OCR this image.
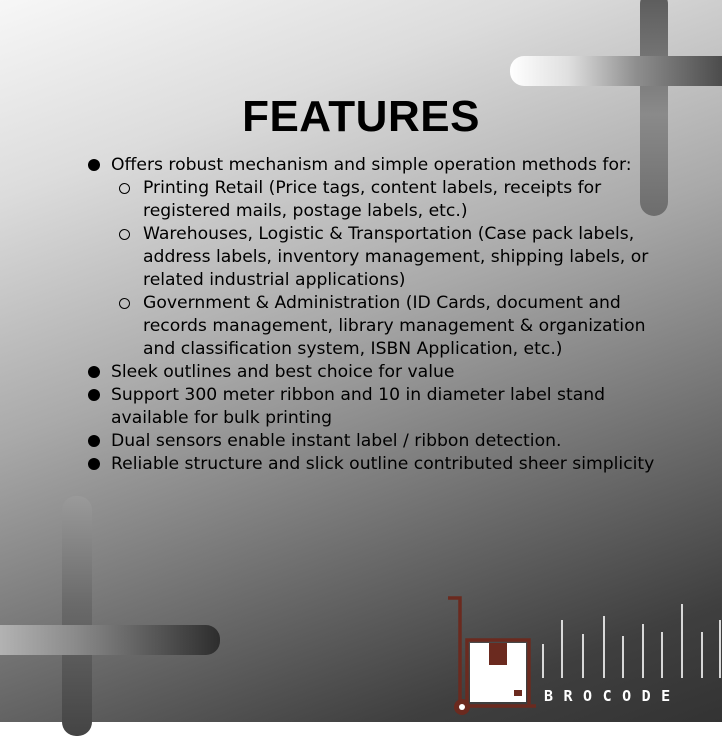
FEATURES
Offers robust mechanism and simple operation methods for:
Printing Retail (Price tags, content labels, receipts for registered mails, postage labels, etc.)
Warehouses, Logistic & Transportation (Case pack labels, address labels, inventory management, shipping labels, or related industrial applications)
Government & Administration (ID Cards, document and records management, library management & organization and classification system, ISBN Application, etc.)
Sleek outlines and best choice for value
Support 300 meter ribbon and 10 in diameter label stand available for bulk printing
Dual sensors enable instant label / ribbon detection.
Reliable structure and slick outline contributed sheer simplicity
BROCODE
